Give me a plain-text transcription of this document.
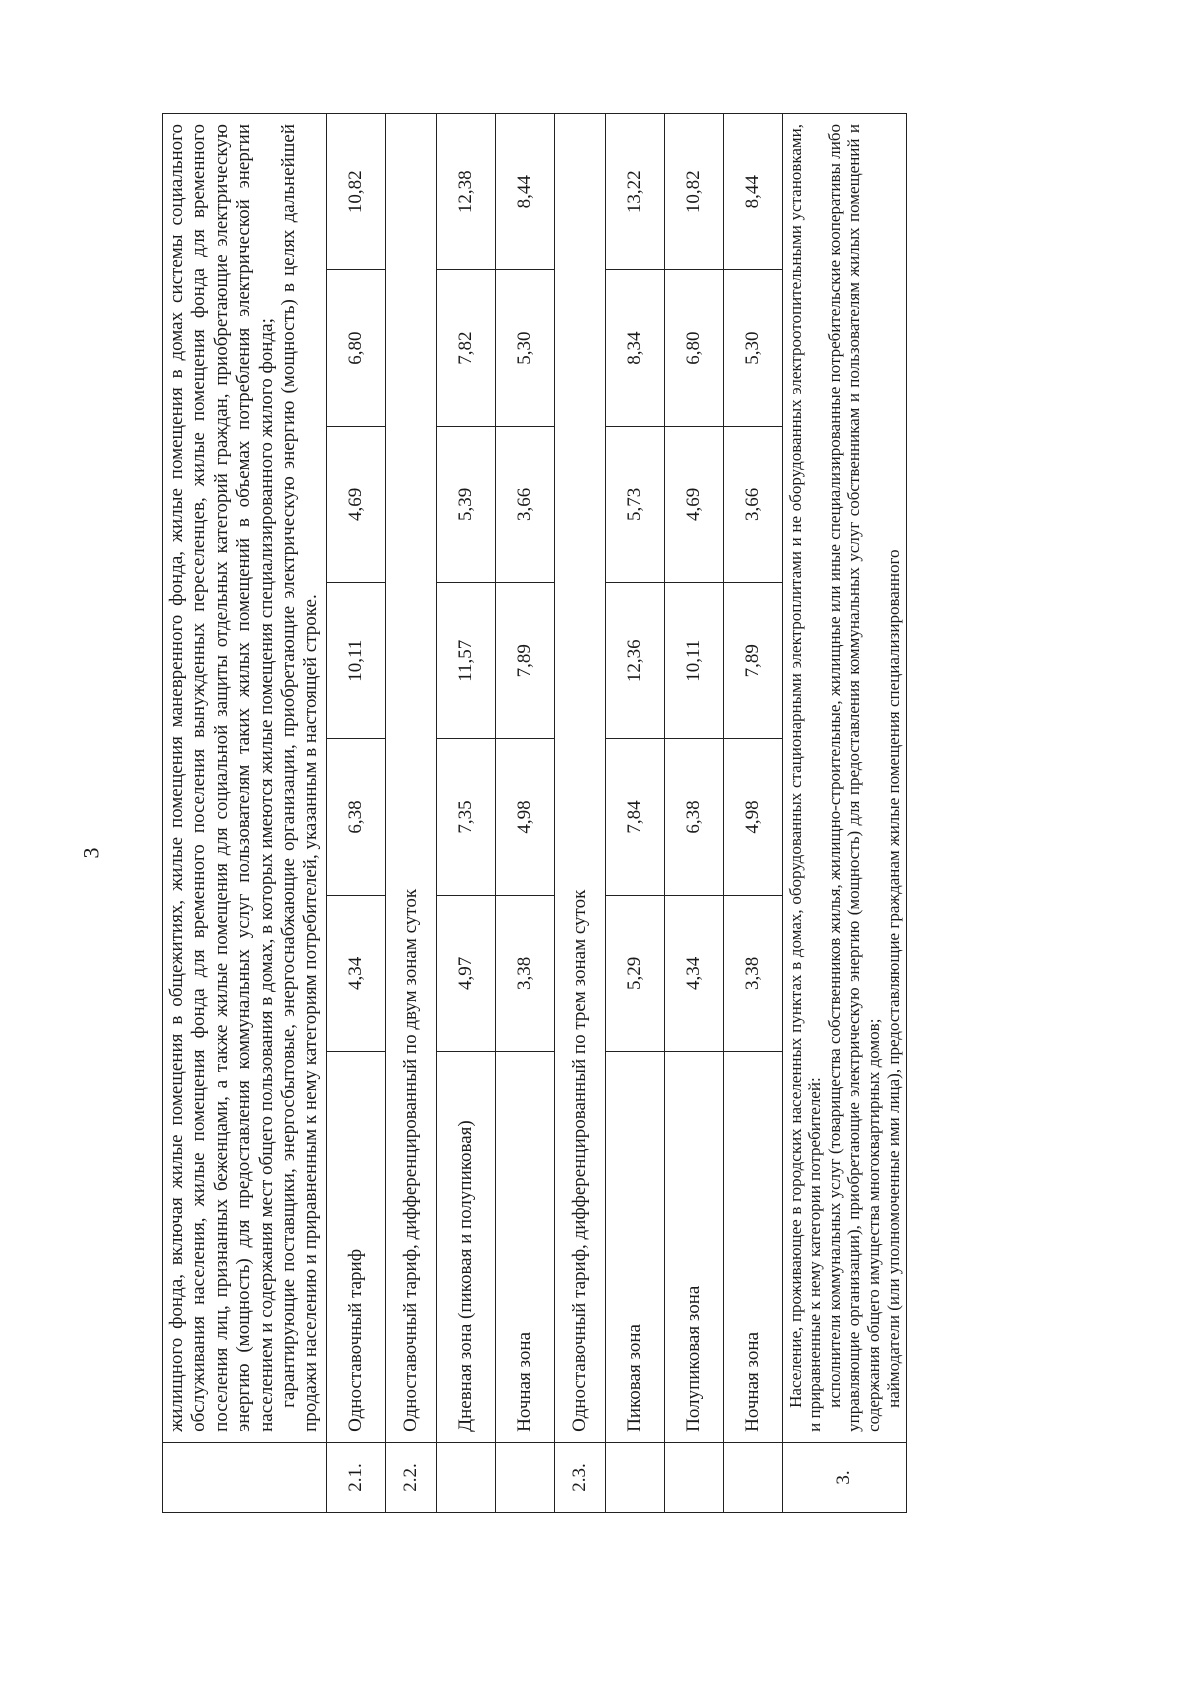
3

	жилищного фонда, включая жилые помещения в общежитиях, жилые помещения маневренного фонда, жилые помещения в домах системы социального обслуживания населения, жилые помещения фонда для временного поселения вынужденных переселенцев, жилые помещения фонда для временного поселения лиц, признанных беженцами, а также жилые помещения для социальной защиты отдельных категорий граждан, приобретающие электрическую энергию (мощность) для предоставления коммунальных услуг пользователям таких жилых помещений в объемах потребления электрической энергии населением и содержания мест общего пользования в домах, в которых имеются жилые помещения специализированного жилого фонда; гарантирующие поставщики, энергосбытовые, энергоснабжающие организации, приобретающие электрическую энергию (мощность) в целях дальнейшей продажи населению и приравненным к нему категориям потребителей, указанным в настоящей строке.						

2.1.	Одноставочный тариф	4,34	6,38	10,11	4,69	6,80	10,82
2.2.	Одноставочный тариф, дифференцированный по двум зонам суток						
	Дневная зона (пиковая и полупиковая)	4,97	7,35	11,57	5,39	7,82	12,38
	Ночная зона	3,38	4,98	7,89	3,66	5,30	8,44
2.3.	Одноставочный тариф, дифференцированный по трем зонам суток						
	Пиковая зона	5,29	7,84	12,36	5,73	8,34	13,22
	Полупиковая зона	4,34	6,38	10,11	4,69	6,80	10,82
	Ночная зона	3,38	4,98	7,89	3,66	5,30	8,44
3.	Население, проживающее в городских населенных пунктах в домах, оборудованных стационарными электроплитами и не оборудованных электроотопительными установками, и приравненные к нему категории потребителей: исполнители коммунальных услуг (товарищества собственников жилья, жилищно-строительные, жилищные или иные специализированные потребительские кооперативы либо управляющие организации), приобретающие электрическую энергию (мощность) для предоставления коммунальных услуг собственникам и пользователям жилых помещений и содержания общего имущества многоквартирных домов; наймодатели (или уполномоченные ими лица), предоставляющие гражданам жилые помещения специализированного						
